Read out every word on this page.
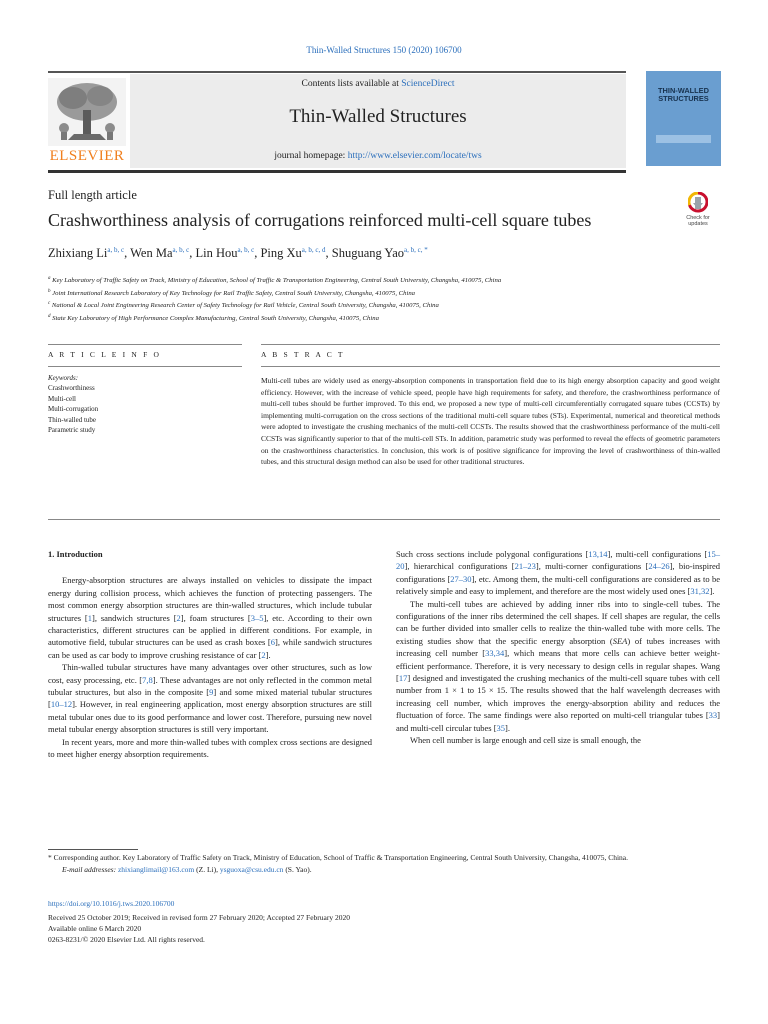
Thin-Walled Structures 150 (2020) 106700
ELSEVIER
Contents lists available at ScienceDirect
Thin-Walled Structures
journal homepage: http://www.elsevier.com/locate/tws
THIN-WALLED
STRUCTURES
Full length article
Crashworthiness analysis of corrugations reinforced multi-cell square tubes	Check for
updates
Zhixiang Li$^{a, b, c}$, Wen Ma$^{a, b, c}$, Lin Hou$^{a, b, c}$, Ping Xu$^{a, b, c, d}$, Shuguang Yao$^{a, b, c, *}$
$^a$ Key Laboratory of Traffic Safety on Track, Ministry of Education, School of Traffic & Transportation Engineering, Central South University, Changsha, 410075, China
$^b$ Joint International Research Laboratory of Key Technology for Rail Traffic Safety, Central South University, Changsha, 410075, China
$^c$ National & Local Joint Engineering Research Center of Safety Technology for Rail Vehicle, Central South University, Changsha, 410075, China
$^d$ State Key Laboratory of High Performance Complex Manufacturing, Central South University, Changsha, 410075, China
A R T I C L E I N F O	A B S T R A C T
Keywords:
Crashworthiness
Multi-cell
Multi-corrugation
Thin-walled tube
Parametric study
Multi-cell tubes are widely used as energy-absorption components in transportation field due to its high energy absorption capacity and good weight efficiency. However, with the increase of vehicle speed, people have high requirements for safety, and therefore, the crashworthiness performance of multi-cell tubes should be further improved. To this end, we proposed a new type of multi-cell circumferentially corrugated square tubes (CCSTs) by implementing multi-corrugation on the cross sections of the traditional multi-cell square tubes (STs). Experimental, numerical and theoretical methods were adopted to investigate the crushing mechanics of the multi-cell CCSTs. The results showed that the crashworthiness performance of the multi-cell CCSTs was significantly superior to that of the multi-cell STs. In addition, parametric study was performed to reveal the effects of geometric parameters on the crashworthiness characteristics. In conclusion, this work is of positive significance for improving the level of crashworthiness of thin-walled tubes, and this structural design method can also be used for other traditional structures.
1. Introduction

Energy-absorption structures are always installed on vehicles to dissipate the impact energy during collision process, which achieves the function of protecting passengers. The most common energy absorption structures are thin-walled structures, which include tubular structures [1], sandwich structures [2], foam structures [3–5], etc. According to their own characteristics, different structures can be applied in different conditions. For example, in automotive field, tubular structures can be used as crash boxes [6], while sandwich structures can be used as car body to improve crushing resistance of car [2].

Thin-walled tubular structures have many advantages over other structures, such as low cost, easy processing, etc. [7,8]. These advantages are not only reflected in the common metal tubular structures, but also in the composite [9] and some mixed material tubular structures [10–12]. However, in real engineering application, most energy absorption structures are still metal tubular ones due to its good performance and lower cost. Therefore, pursuing new novel metal tubular energy absorption structures is still very important.

In recent years, more and more thin-walled tubes with complex cross sections are designed to meet higher energy absorption requirements.

Such cross sections include polygonal configurations [13,14], multi-cell configurations [15–20], hierarchical configurations [21–23], multi-corner configurations [24–26], bio-inspired configurations [27–30], etc. Among them, the multi-cell configurations are considered as to be relatively simple and easy to implement, and therefore are the most widely used ones [31,32].

The multi-cell tubes are achieved by adding inner ribs into to single-cell tubes. The configurations of the inner ribs determined the cell shapes. If cell shapes are regular, the cells can be further divided into smaller cells to realize the thin-walled tube with more cells. The existing studies show that the specific energy absorption (SEA) of tubes increases with increasing cell number [33,34], which means that more cells can achieve better weight-efficient performance. Therefore, it is very necessary to design cells in regular shapes. Wang [17] designed and investigated the crushing mechanics of the multi-cell square tubes with cell number from 1 × 1 to 15 × 15. The results showed that the half wavelength decreases with increasing cell number, which improves the energy-absorption ability and reduces the fluctuation of force. The same findings were also reported on multi-cell triangular tubes [33] and multi-cell circular tubes [35].

When cell number is large enough and cell size is small enough, the

* Corresponding author. Key Laboratory of Traffic Safety on Track, Ministry of Education, School of Traffic & Transportation Engineering, Central South University, Changsha, 410075, China.
E-mail addresses: zhixianglimail@163.com (Z. Li), ysguoxa@csu.edu.cn (S. Yao).
https://doi.org/10.1016/j.tws.2020.106700
Received 25 October 2019; Received in revised form 27 February 2020; Accepted 27 February 2020
Available online 6 March 2020
0263-8231/© 2020 Elsevier Ltd. All rights reserved.
